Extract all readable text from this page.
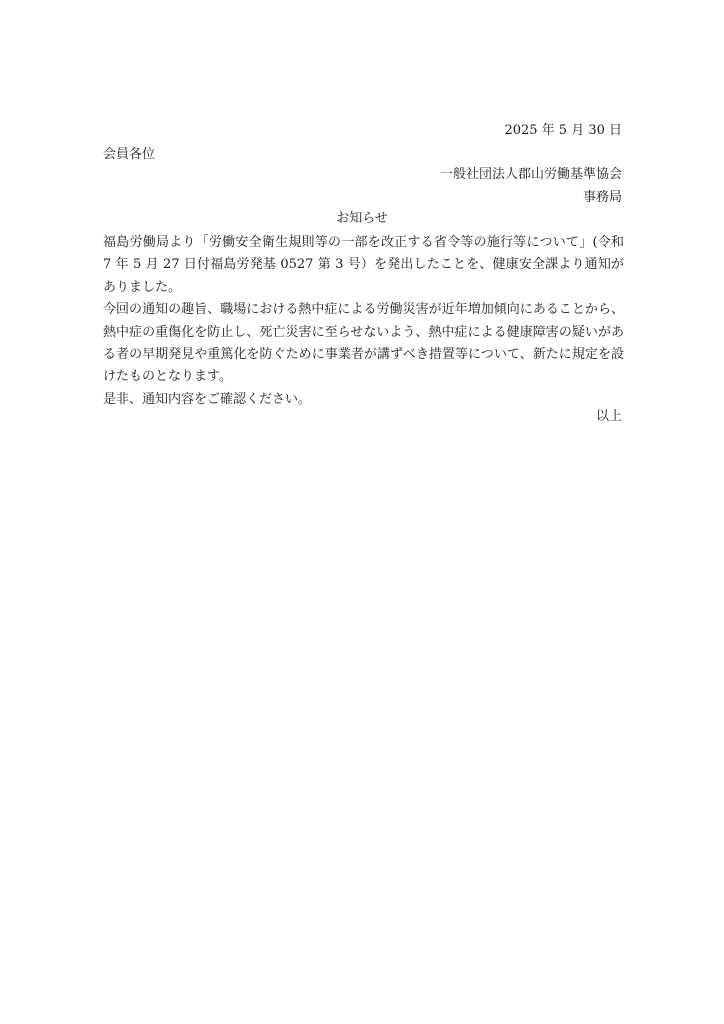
2025 年 5 月 30 日
会員各位
一般社団法人郡山労働基準協会
事務局
お知らせ

福島労働局より「労働安全衛生規則等の一部を改正する省令等の施行等について」(令和 7 年 5 月 27 日付福島労発基 0527 第 3 号）を発出したことを、健康安全課より通知がありました。

今回の通知の趣旨、職場における熱中症による労働災害が近年増加傾向にあることから、熱中症の重傷化を防止し、死亡災害に至らせないよう、熱中症による健康障害の疑いがある者の早期発見や重篤化を防ぐために事業者が講ずべき措置等について、新たに規定を設けたものとなります。

是非、通知内容をご確認ください。

以上
